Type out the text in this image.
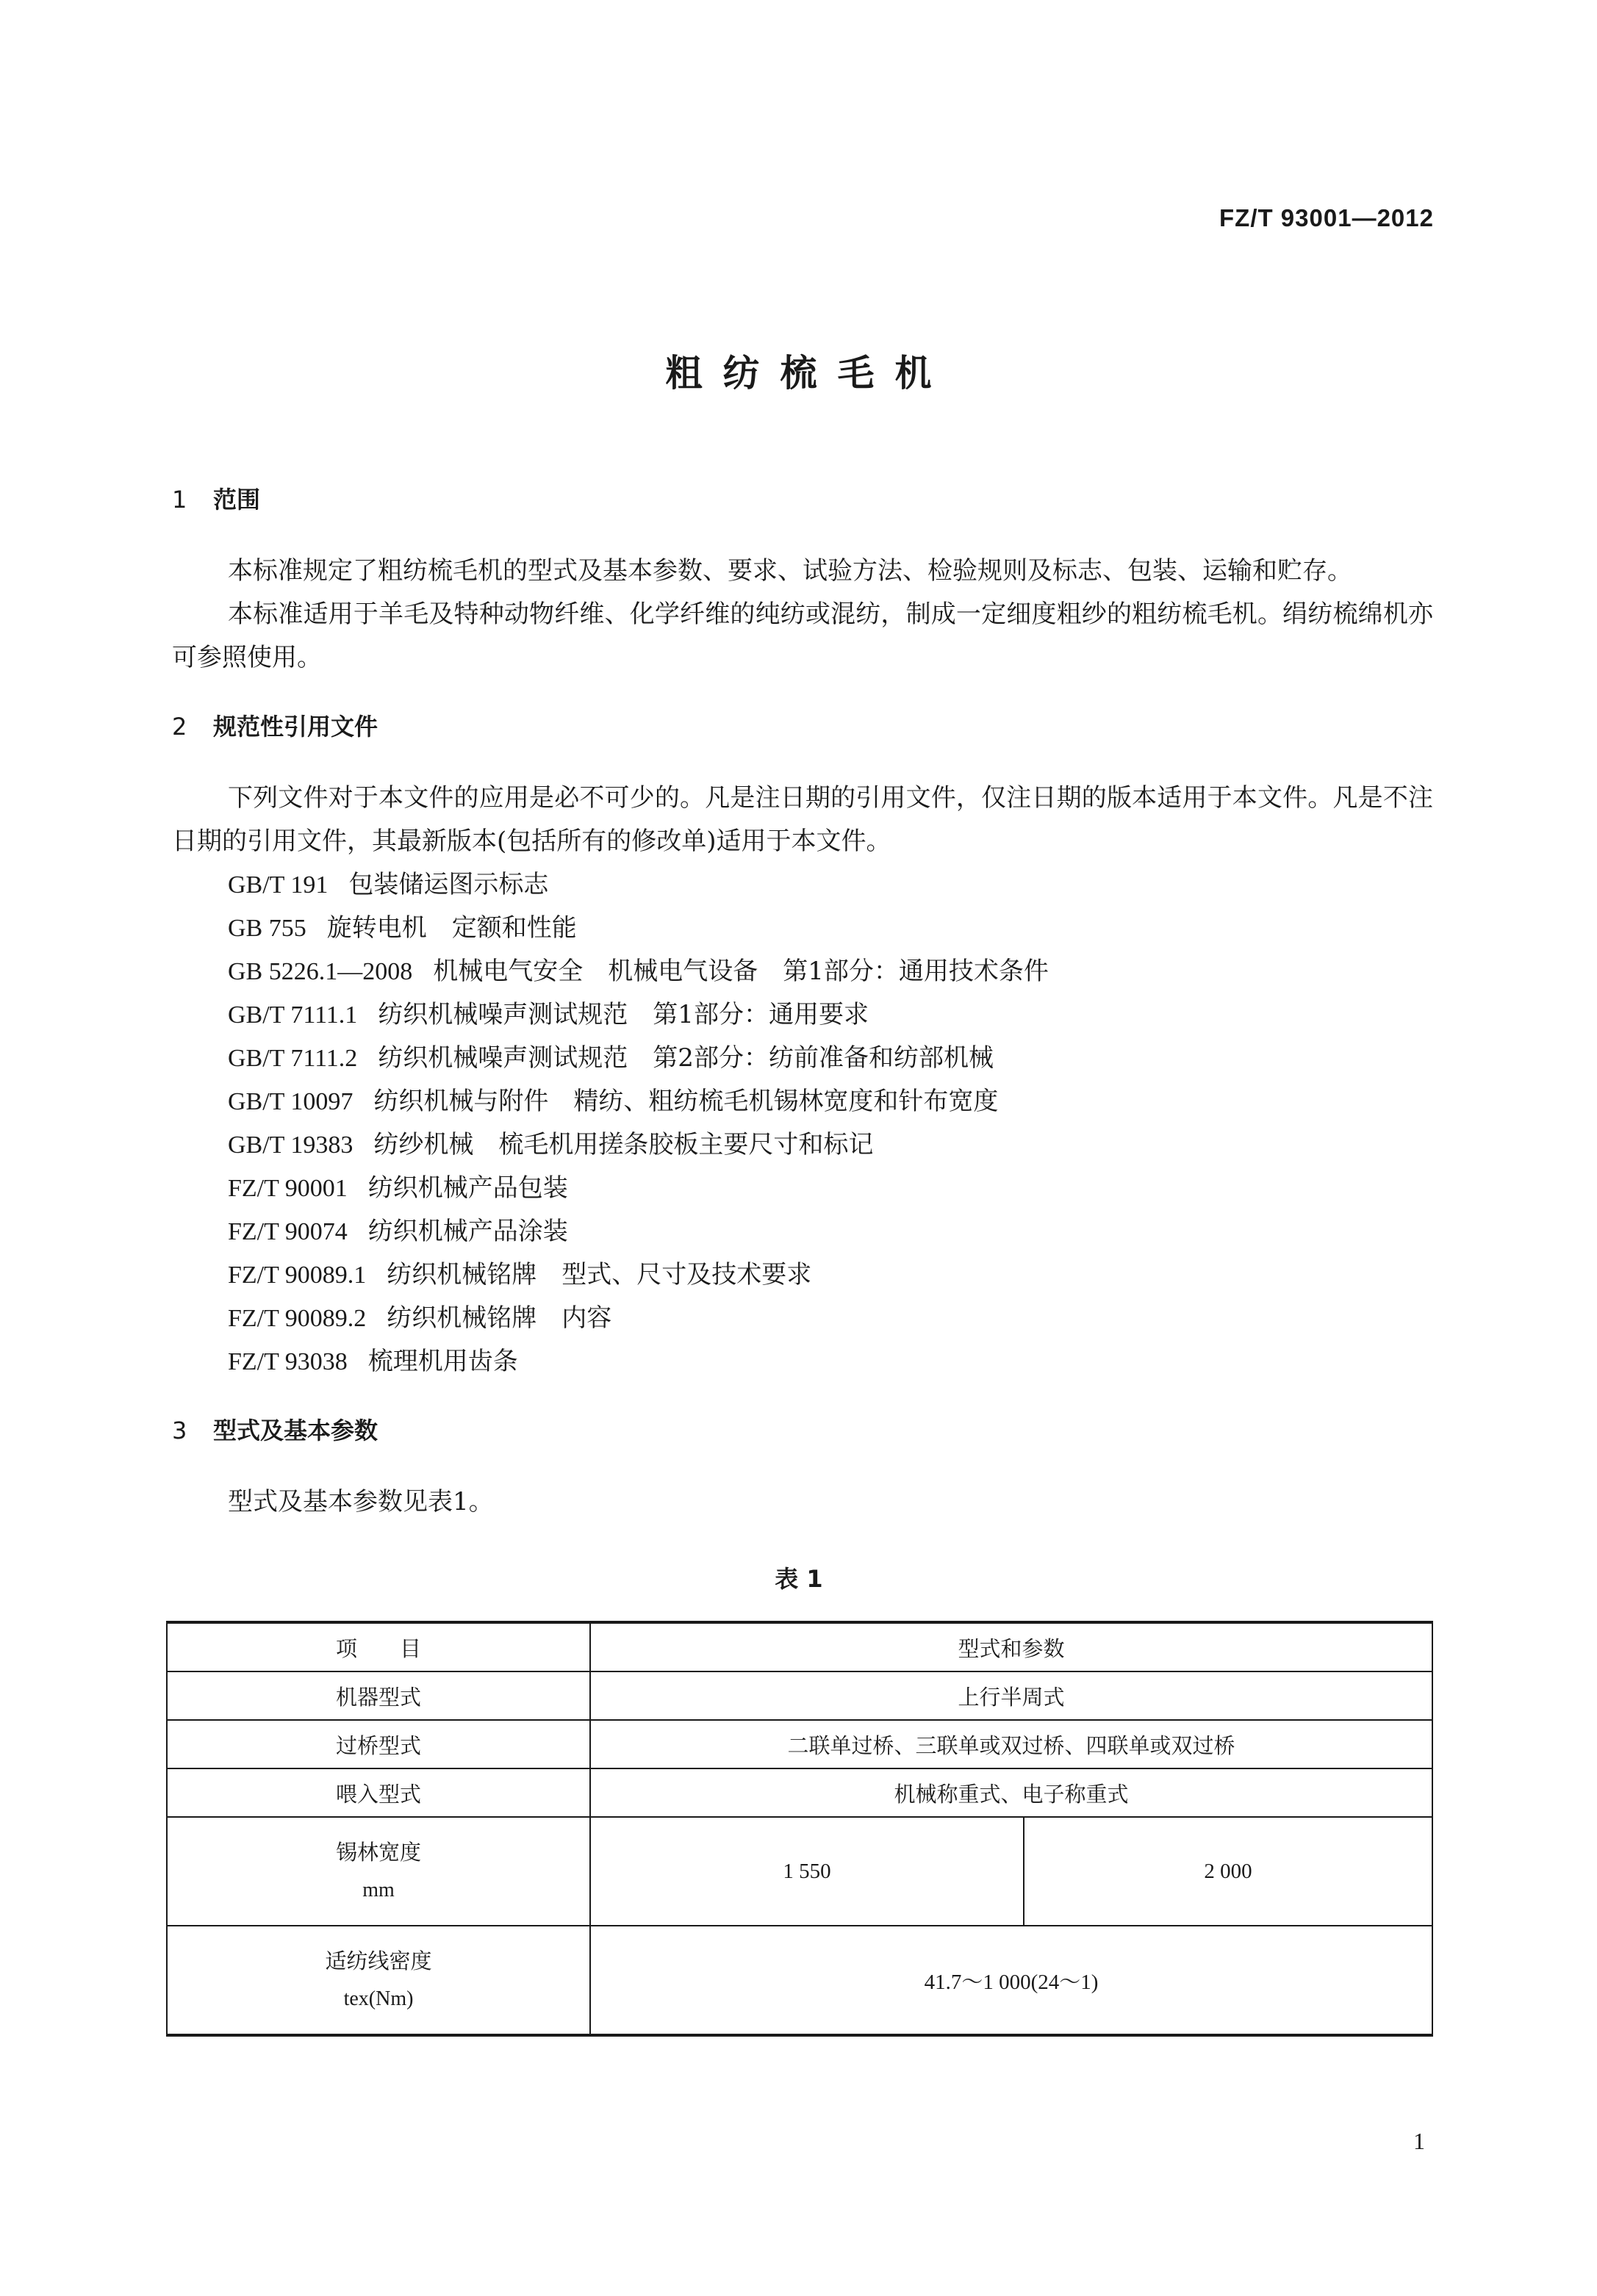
FZ/T 93001—2012
粗纺梳毛机
1 范围

本标准规定了粗纺梳毛机的型式及基本参数、要求、试验方法、检验规则及标志、包装、运输和贮存。

本标准适用于羊毛及特种动物纤维、化学纤维的纯纺或混纺，制成一定细度粗纱的粗纺梳毛机。绢纺梳绵机亦可参照使用。

2 规范性引用文件

下列文件对于本文件的应用是必不可少的。凡是注日期的引用文件，仅注日期的版本适用于本文件。凡是不注日期的引用文件，其最新版本(包括所有的修改单)适用于本文件。

GB/T 191 包装储运图示标志
GB 755 旋转电机　定额和性能
GB 5226.1—2008 机械电气安全　机械电气设备　第1部分：通用技术条件
GB/T 7111.1 纺织机械噪声测试规范　第1部分：通用要求
GB/T 7111.2 纺织机械噪声测试规范　第2部分：纺前准备和纺部机械
GB/T 10097 纺织机械与附件　精纺、粗纺梳毛机锡林宽度和针布宽度
GB/T 19383 纺纱机械　梳毛机用搓条胶板主要尺寸和标记
FZ/T 90001 纺织机械产品包装
FZ/T 90074 纺织机械产品涂装
FZ/T 90089.1 纺织机械铭牌　型式、尺寸及技术要求
FZ/T 90089.2 纺织机械铭牌　内容
FZ/T 93038 梳理机用齿条
3 型式及基本参数

型式及基本参数见表1。

表 1
项　　目	型式和参数	
机器型式	上行半周式	
过桥型式	二联单过桥、三联单或双过桥、四联单或双过桥	
喂入型式	机械称重式、电子称重式	

锡林宽度
mm	1 550	2 000

适纺线密度
tex(Nm)	41.7～1 000(24～1)	
1
